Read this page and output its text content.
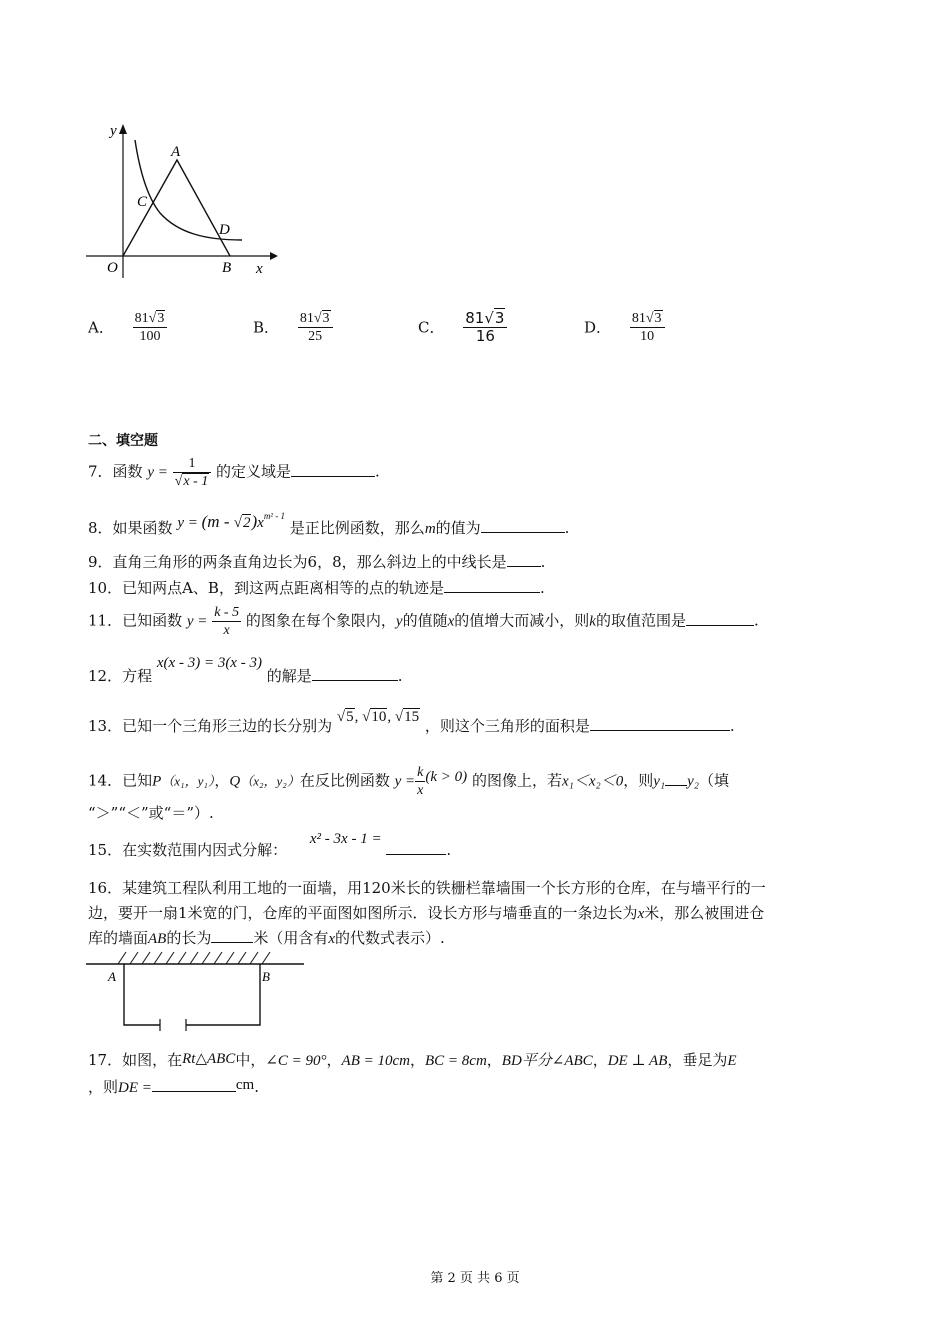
y
x
A
C
D
O	B
A． $\frac{81√3}{100}$	B． $\frac{81√3}{25}$	C． $\frac{81√3}{16}$	D． $\frac{81√3}{10}$
二、填空题
7．函数 $y = \frac{1}{√x - 1}$ 的定义域是	.
8．如果函数 $y = (m - √2)x^{m^2 - 1}$ 是正比例函数，那么m的值为	.
9．直角三角形的两条直角边长为6，8，那么斜边上的中线长是 .
10．已知两点A、B，到这两点距离相等的点的轨迹是	.
11．已知函数 $y = \frac{k - 5}{x}$ 的图象在每个象限内，y的值随x的值增大而减小，则k的取值范围是	.
12．方程 x(x - 3) = 3(x - 3) 的解是	.
13．已知一个三角形三边的长分别为 √5, √10, √15 ，则这个三角形的面积是	.
14．已知P（x₁，y₁），Q（x₂，y₂）在反比例函数 $y = \frac{k}{x} (k > 0)$ 的图像上，若x₁＜x₂＜0，则y₁ y₂（填
“＞”“＜”或“＝”）.
15．在实数范围内因式分解： x² - 3x - 1 = .
16．某建筑工程队利用工地的一面墙，用120米长的铁栅栏靠墙围一个长方形的仓库，在与墙平行的一
边，要开一扇1米宽的门，仓库的平面图如图所示．设长方形与墙垂直的一条边长为x米，那么被围进仓
库的墙面AB的长为	米（用含有x的代数式表示）.
A	B
17．如图，在Rt△ABC中，∠C = 90°，AB = 10cm，BC = 8cm，BD平分∠ABC，DE ⊥ AB，垂足为E
，则DE =	cm.
第 2 页 共 6 页
